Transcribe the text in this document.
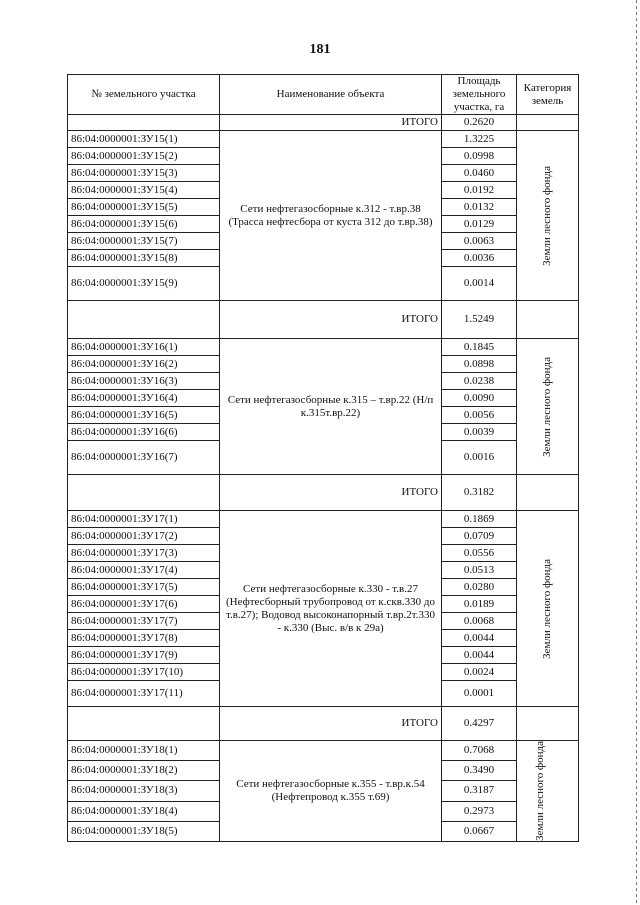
181
№ земельного участка	Наименование объекта	Площадь земельного участка, га	Категория земель
	ИТОГО	0.2620	
86:04:0000001:ЗУ15(1)	Сети нефтегазосборные к.312 - т.вр.38 (Трасса нефтесбора от куста 312 до т.вр.38)	1.3225	Земли лесного фонда

86:04:0000001:ЗУ15(2)		0.0998	
86:04:0000001:ЗУ15(3)		0.0460	
86:04:0000001:ЗУ15(4)		0.0192	
86:04:0000001:ЗУ15(5)		0.0132	
86:04:0000001:ЗУ15(6)		0.0129	
86:04:0000001:ЗУ15(7)		0.0063	
86:04:0000001:ЗУ15(8)		0.0036	
86:04:0000001:ЗУ15(9)		0.0014	
	ИТОГО	1.5249	
86:04:0000001:ЗУ16(1)	Сети нефтегазосборные к.315 – т.вр.22 (Н/п к.315т.вр.22)	0.1845	Земли лесного фонда

86:04:0000001:ЗУ16(2)		0.0898	
86:04:0000001:ЗУ16(3)		0.0238	
86:04:0000001:ЗУ16(4)		0.0090	
86:04:0000001:ЗУ16(5)		0.0056	
86:04:0000001:ЗУ16(6)		0.0039	
86:04:0000001:ЗУ16(7)		0.0016	
	ИТОГО	0.3182	
86:04:0000001:ЗУ17(1)	Сети нефтегазосборные к.330 - т.в.27 (Нефтесборный трубопровод от к.скв.330 до т.в.27); Водовод высоконапорный т.вр.2т.330 - к.330 (Выс. в/в к 29а)	0.1869	Земли лесного фонда

86:04:0000001:ЗУ17(2)		0.0709	
86:04:0000001:ЗУ17(3)		0.0556	
86:04:0000001:ЗУ17(4)		0.0513	
86:04:0000001:ЗУ17(5)		0.0280	
86:04:0000001:ЗУ17(6)		0.0189	
86:04:0000001:ЗУ17(7)		0.0068	
86:04:0000001:ЗУ17(8)		0.0044	
86:04:0000001:ЗУ17(9)		0.0044	
86:04:0000001:ЗУ17(10)		0.0024	
86:04:0000001:ЗУ17(11)		0.0001	
	ИТОГО	0.4297	
86:04:0000001:ЗУ18(1)	Сети нефтегазосборные к.355 - т.вр.к.54 (Нефтепровод к.355 т.69)	0.7068	Земли лесного фонда

86:04:0000001:ЗУ18(2)		0.3490	
86:04:0000001:ЗУ18(3)		0.3187	
86:04:0000001:ЗУ18(4)		0.2973	
86:04:0000001:ЗУ18(5)		0.0667	
